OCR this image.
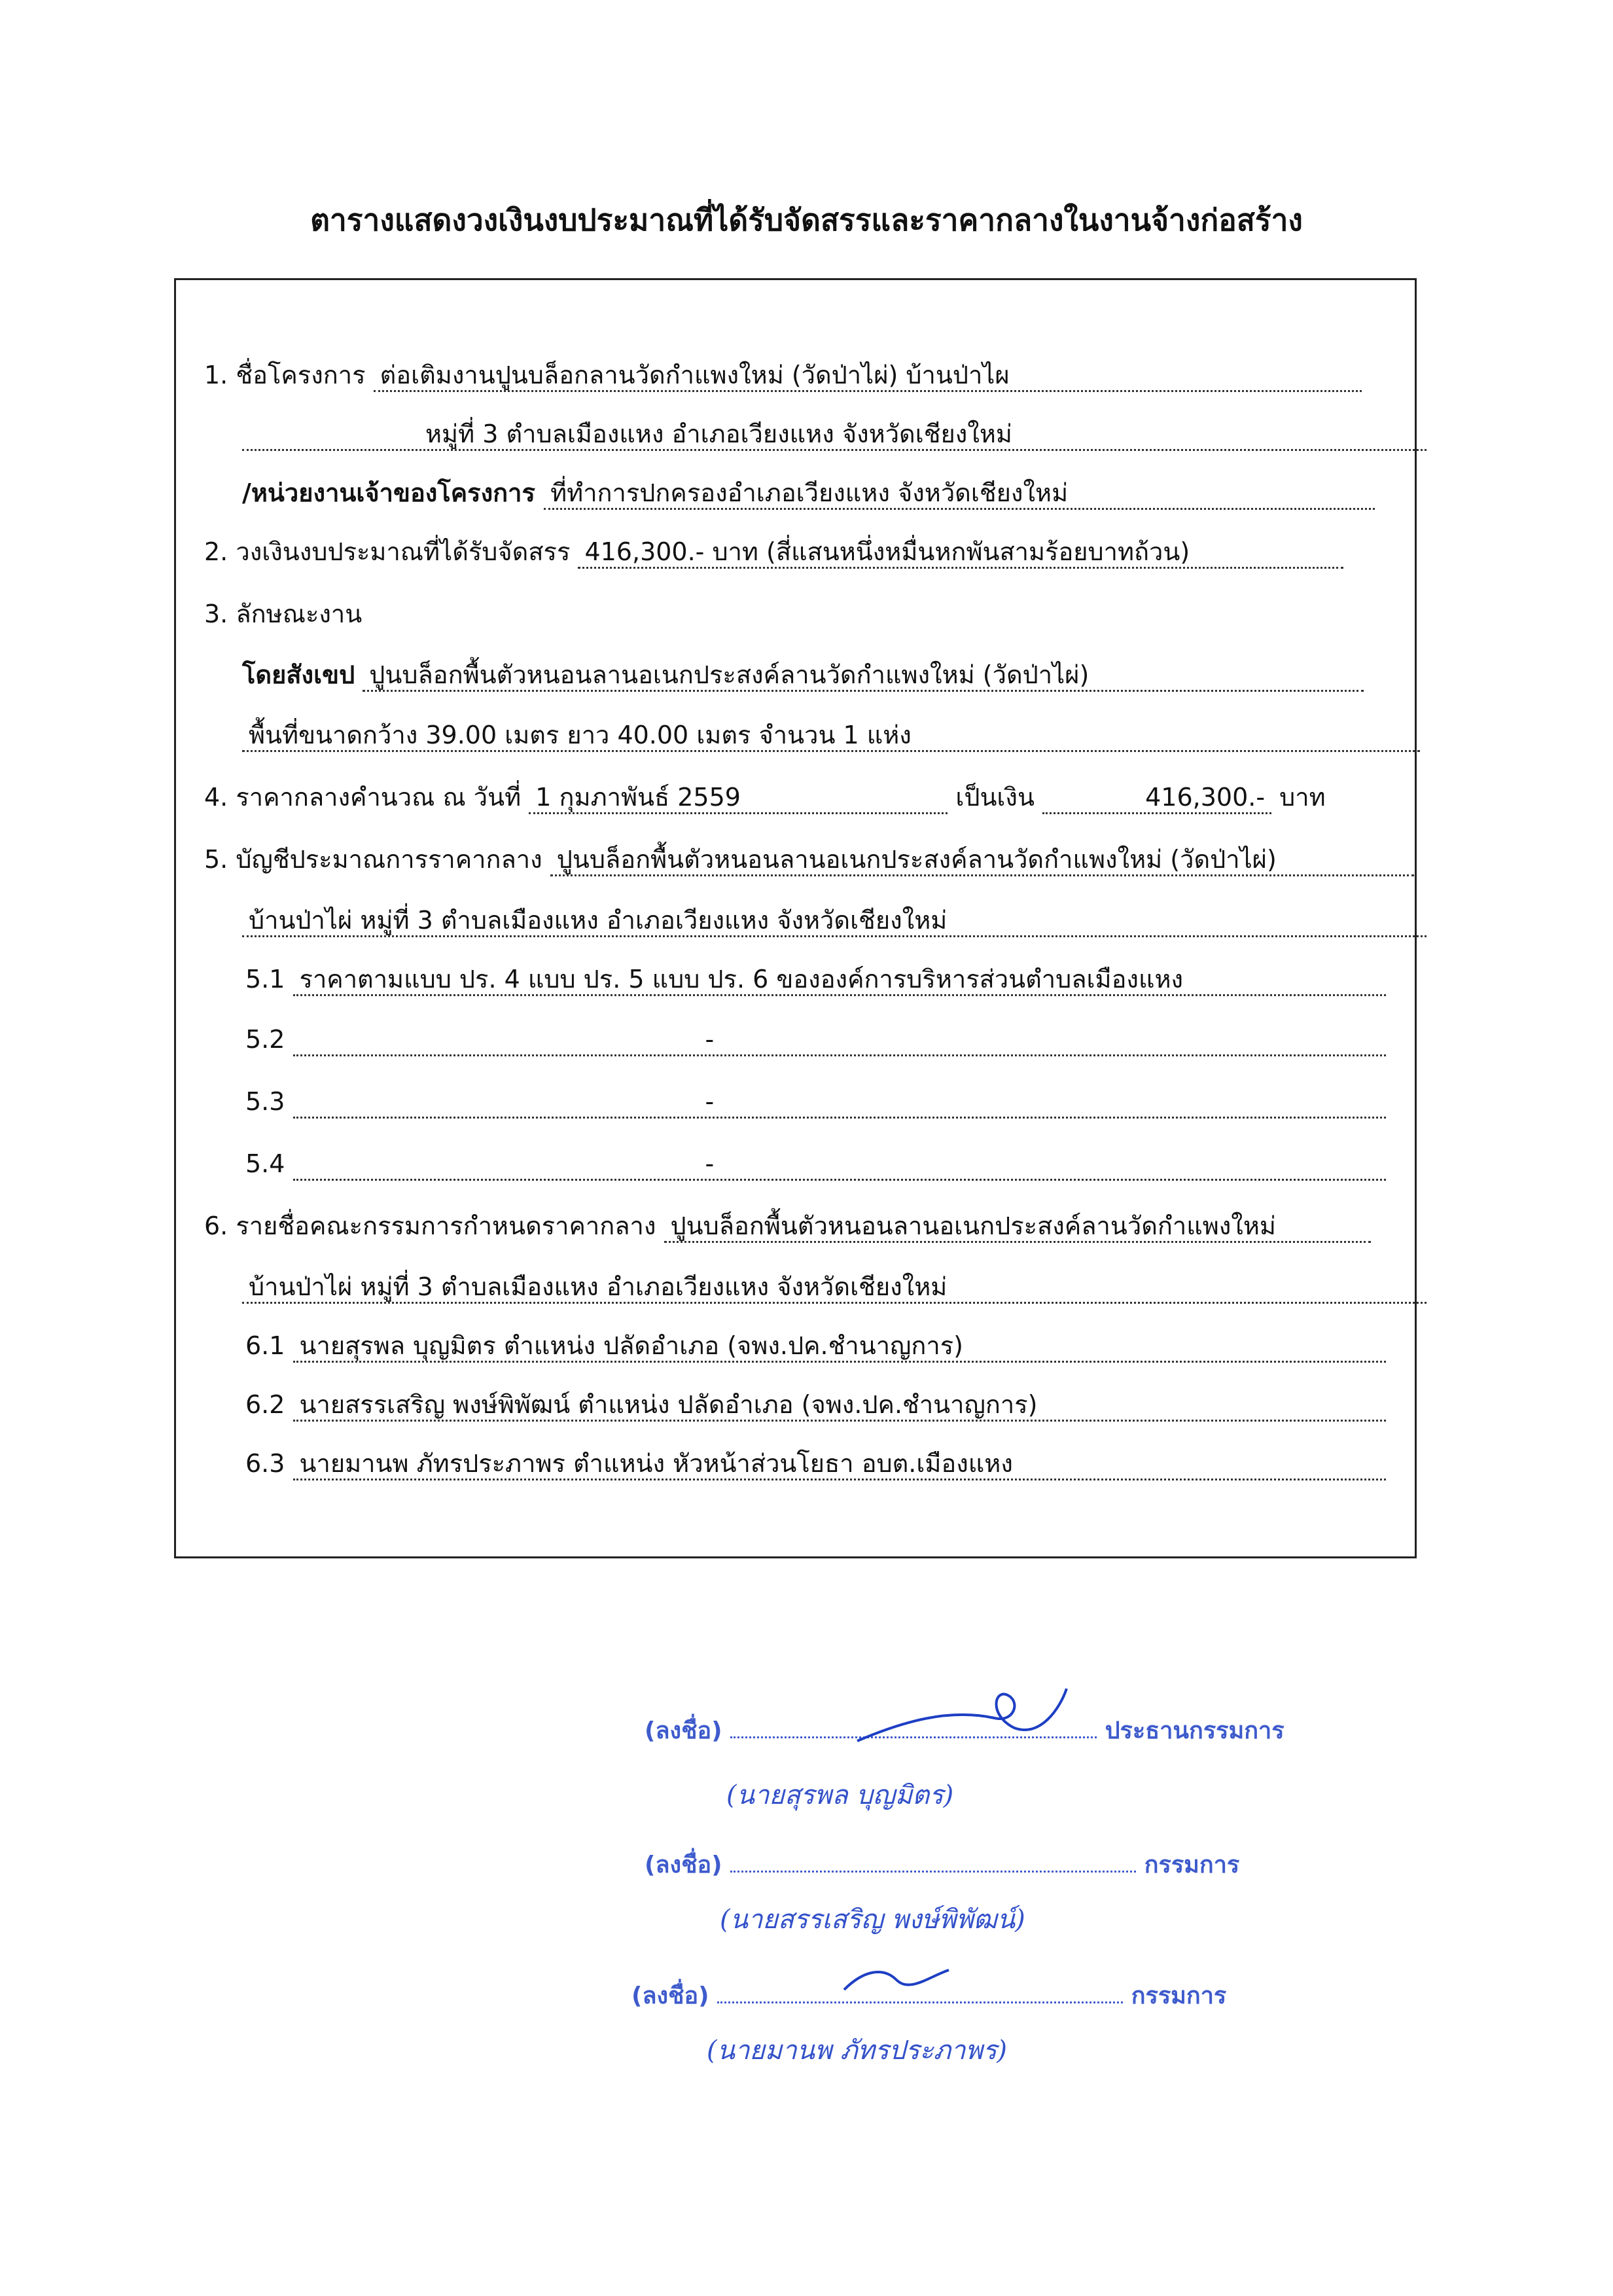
ตารางแสดงวงเงินงบประมาณที่ได้รับจัดสรรและราคากลางในงานจ้างก่อสร้าง
1. ชื่อโครงการ ต่อเติมงานปูนบล็อกลานวัดกำแพงใหม่ (วัดป่าไผ่) บ้านป่าไผ
หมู่ที่ 3 ตำบลเมืองแหง อำเภอเวียงแหง จังหวัดเชียงใหม่
/หน่วยงานเจ้าของโครงการ ที่ทำการปกครองอำเภอเวียงแหง จังหวัดเชียงใหม่
2. วงเงินงบประมาณที่ได้รับจัดสรร 416,300.- บาท (สี่แสนหนึ่งหมื่นหกพันสามร้อยบาทถ้วน)
3. ลักษณะงาน
โดยสังเขป ปูนบล็อกพื้นตัวหนอนลานอเนกประสงค์ลานวัดกำแพงใหม่ (วัดป่าไผ่)
พื้นที่ขนาดกว้าง 39.00 เมตร ยาว 40.00 เมตร จำนวน 1 แห่ง
4. ราคากลางคำนวณ ณ วันที่ 1 กุมภาพันธ์ 2559	เป็นเงิน	416,300.- บาท
5. บัญชีประมาณการราคากลาง ปูนบล็อกพื้นตัวหนอนลานอเนกประสงค์ลานวัดกำแพงใหม่ (วัดป่าไผ่)
บ้านป่าไผ่ หมู่ที่ 3 ตำบลเมืองแหง อำเภอเวียงแหง จังหวัดเชียงใหม่
5.1 ราคาตามแบบ ปร. 4 แบบ ปร. 5 แบบ ปร. 6 ขององค์การบริหารส่วนตำบลเมืองแหง
5.2	-
5.3	-
5.4	-
6. รายชื่อคณะกรรมการกำหนดราคากลาง ปูนบล็อกพื้นตัวหนอนลานอเนกประสงค์ลานวัดกำแพงใหม่
บ้านป่าไผ่ หมู่ที่ 3 ตำบลเมืองแหง อำเภอเวียงแหง จังหวัดเชียงใหม่
6.1 นายสุรพล บุญมิตร ตำแหน่ง ปลัดอำเภอ (จพง.ปค.ชำนาญการ)
6.2 นายสรรเสริญ พงษ์พิพัฒน์ ตำแหน่ง ปลัดอำเภอ (จพง.ปค.ชำนาญการ)
6.3 นายมานพ ภัทรประภาพร ตำแหน่ง หัวหน้าส่วนโยธา อบต.เมืองแหง
(ลงชื่อ)	ประธานกรรมการ
(นายสุรพล บุญมิตร)
(ลงชื่อ)	กรรมการ
(นายสรรเสริญ พงษ์พิพัฒน์)
(ลงชื่อ)	กรรมการ
(นายมานพ ภัทรประภาพร)
